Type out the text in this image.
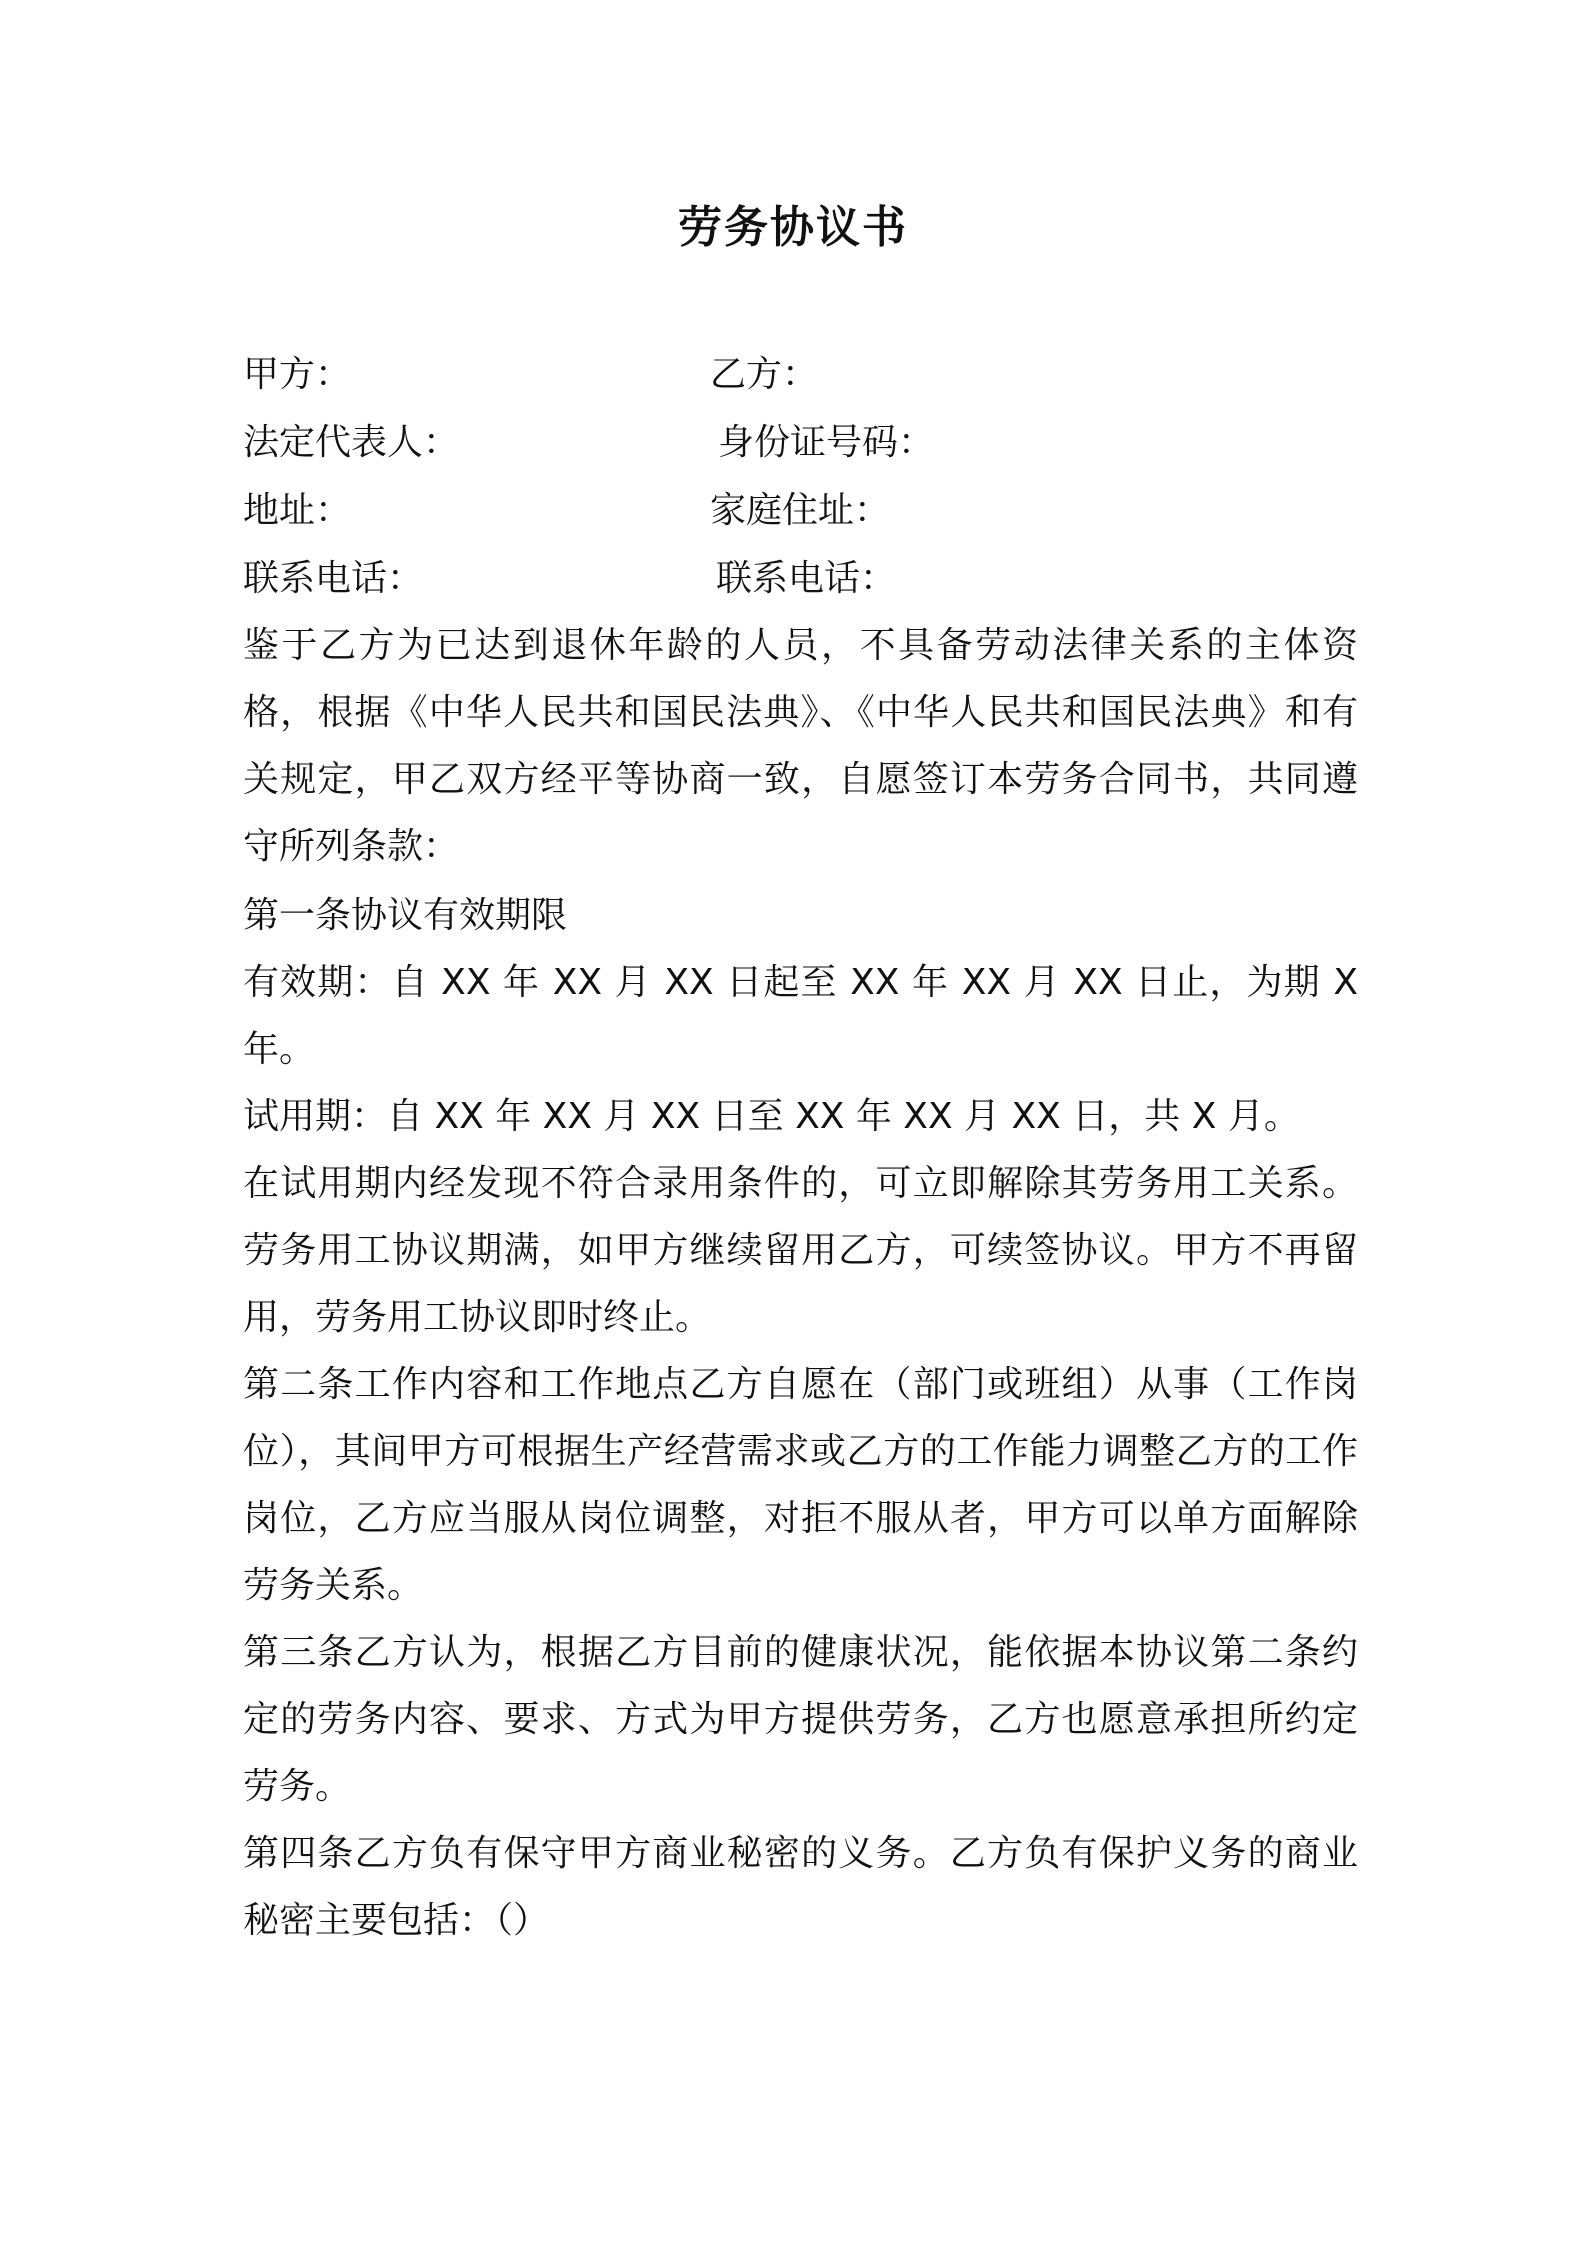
劳务协议书
甲方：	乙方：
法定代表人：	身份证号码：
地址：	家庭住址：
联系电话：	联系电话：

鉴于乙方为已达到退休年龄的人员，不具备劳动法律关系的主体资格，根据《中华人民共和国民法典》、《中华人民共和国民法典》和有关规定，甲乙双方经平等协商一致，自愿签订本劳务合同书，共同遵守所列条款：

第一条协议有效期限

有效期：自 XX 年 XX 月 XX 日起至 XX 年 XX 月 XX 日止，为期 X 年。

试用期：自 XX 年 XX 月 XX 日至 XX 年 XX 月 XX 日，共 X 月。

在试用期内经发现不符合录用条件的，可立即解除其劳务用工关系。劳务用工协议期满，如甲方继续留用乙方，可续签协议。甲方不再留用，劳务用工协议即时终止。

第二条工作内容和工作地点乙方自愿在（部门或班组）从事（工作岗位），其间甲方可根据生产经营需求或乙方的工作能力调整乙方的工作岗位，乙方应当服从岗位调整，对拒不服从者，甲方可以单方面解除劳务关系。

第三条乙方认为，根据乙方目前的健康状况，能依据本协议第二条约定的劳务内容、要求、方式为甲方提供劳务，乙方也愿意承担所约定劳务。

第四条乙方负有保守甲方商业秘密的义务。乙方负有保护义务的商业秘密主要包括：（）
